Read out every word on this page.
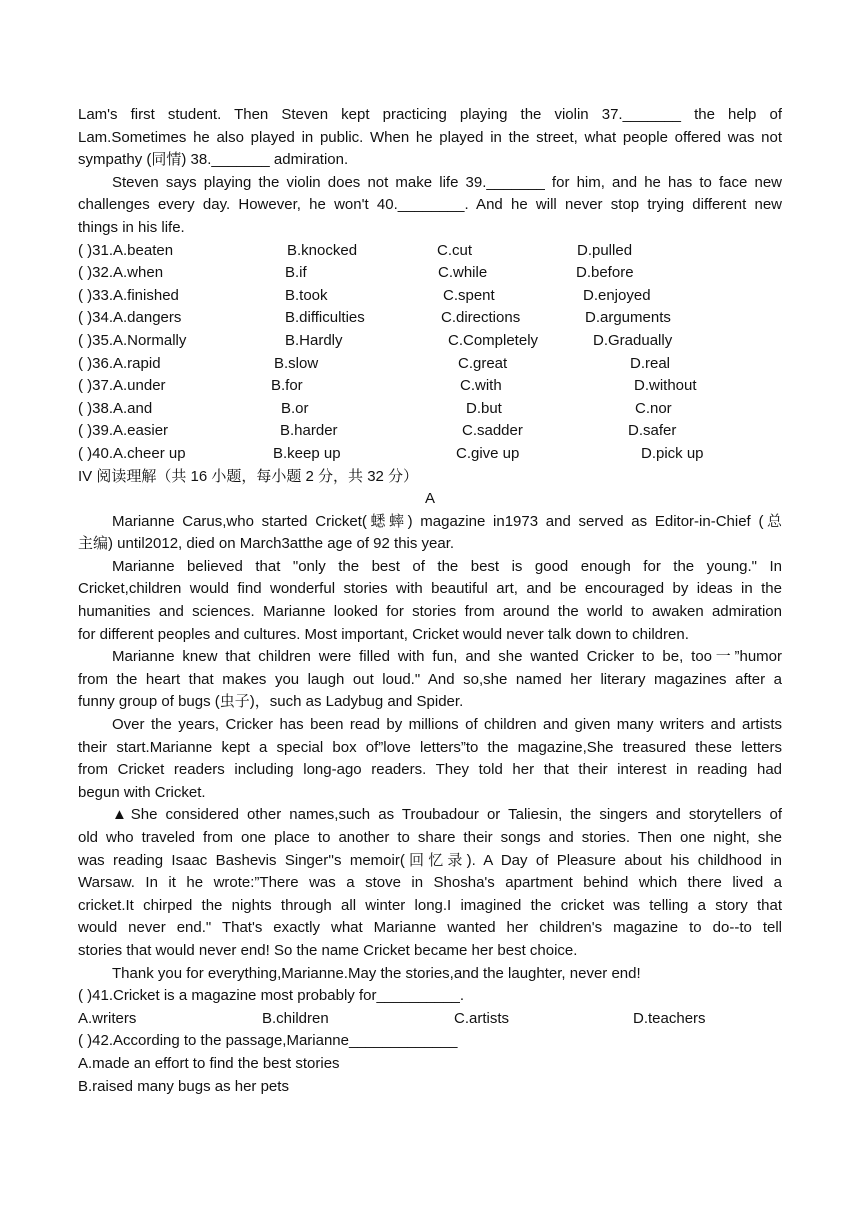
Lam's first student. Then Steven kept practicing playing the violin 37._______ the help of
Lam.Sometimes he also played in public. When he played in the street, what people offered was not
sympathy (同情) 38._______ admiration.
Steven says playing the violin does not make life 39._______ for him, and he has to face new
challenges every day. However, he won't 40.________. And he will never stop trying different new
things in his life.
( )31.A.beaten	B.knocked	C.cut	D.pulled
( )32.A.when	B.if	C.while	D.before
( )33.A.finished	B.took	C.spent	D.enjoyed
( )34.A.dangers	B.difficulties	C.directions	D.arguments
( )35.A.Normally	B.Hardly	C.Completely	D.Gradually
( )36.A.rapid	B.slow	C.great	D.real
( )37.A.under	B.for	C.with	D.without
( )38.A.and	B.or	D.but	C.nor
( )39.A.easier	B.harder	C.sadder	D.safer
( )40.A.cheer up	B.keep up	C.give up	D.pick up
IV 阅读理解（共 16 小题，每小题 2 分，共 32 分）
A
Marianne Carus,who started Cricket(蟋蟀) magazine in1973 and served as Editor-in-Chief (总
主编) until2012, died on March3atthe age of 92 this year.
Marianne believed that "only the best of the best is good enough for the young." In
Cricket,children would find wonderful stories with beautiful art, and be encouraged by ideas in the
humanities and sciences. Marianne looked for stories from around the world to awaken admiration
for different peoples and cultures. Most important, Cricket would never talk down to children.
Marianne knew that children were filled with fun, and she wanted Cricker to be, too一”humor
from the heart that makes you laugh out loud." And so,she named her literary magazines after a
funny group of bugs (虫子)，such as Ladybug and Spider.
Over the years, Cricker has been read by millions of children and given many writers and artists
their start.Marianne kept a special box of”love letters”to the magazine,She treasured these letters
from Cricket readers including long-ago readers. They told her that their interest in reading had
begun with Cricket.
▲She considered other names,such as Troubadour or Taliesin, the singers and storytellers of
old who traveled from one place to another to share their songs and stories. Then one night, she
was reading Isaac Bashevis Singer''s memoir(回忆录). A Day of Pleasure about his childhood in
Warsaw. In it he wrote:”There was a stove in Shosha's apartment behind which there lived a
cricket.It chirped the nights through all winter long.I imagined the cricket was telling a story that
would never end." That's exactly what Marianne wanted her children's magazine to do--to tell
stories that would never end! So the name Cricket became her best choice.
Thank you for everything,Marianne.May the stories,and the laughter, never end!
( )41.Cricket is a magazine most probably for__________.
A.writers	B.children	C.artists	D.teachers
( )42.According to the passage,Marianne_____________
A.made an effort to find the best stories
B.raised many bugs as her pets
